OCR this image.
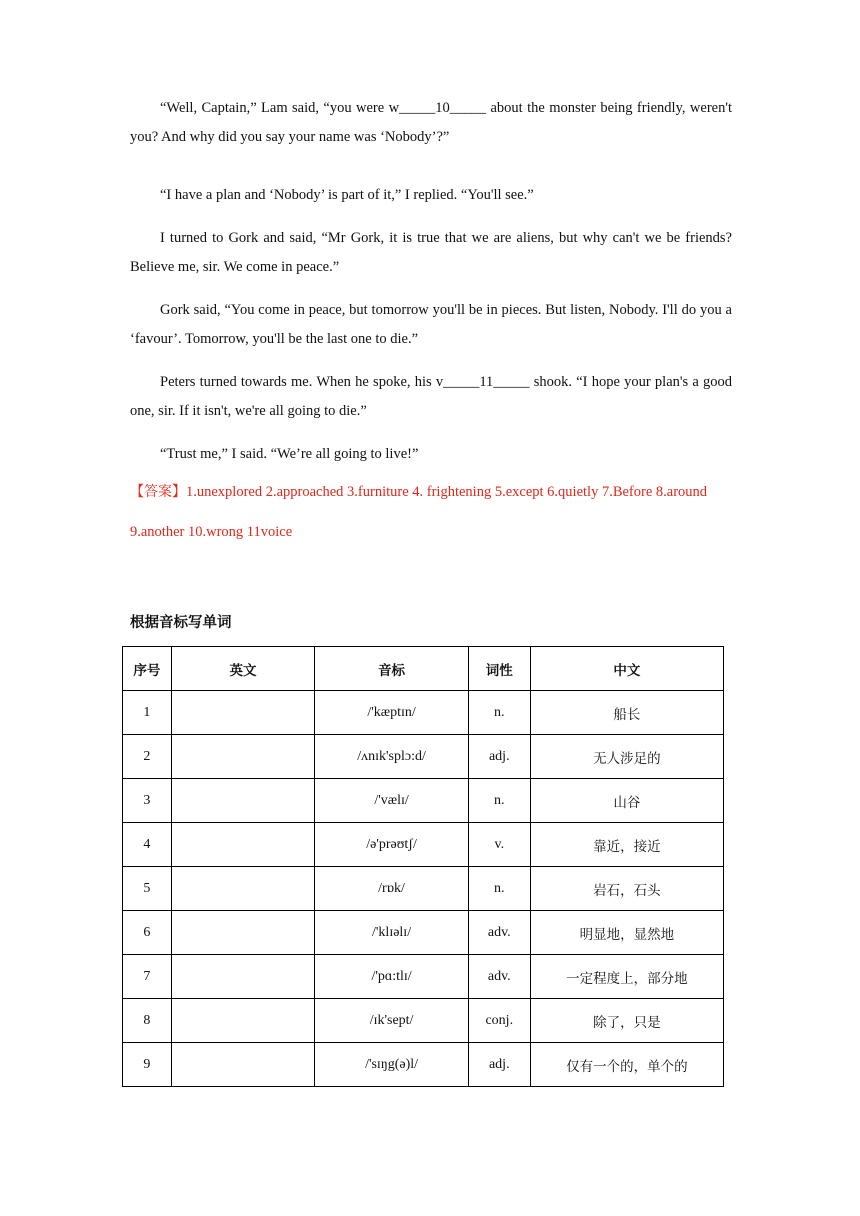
“Well, Captain,” Lam said, “you were w_____10_____ about the monster being friendly, weren't you? And why did you say your name was ‘Nobody’?”

“I have a plan and ‘Nobody’ is part of it,” I replied. “You'll see.”

I turned to Gork and said, “Mr Gork, it is true that we are aliens, but why can't we be friends? Believe me, sir. We come in peace.”

Gork said, “You come in peace, but tomorrow you'll be in pieces. But listen, Nobody. I'll do you a ‘favour’. Tomorrow, you'll be the last one to die.”

Peters turned towards me. When he spoke, his v_____11_____ shook. “I hope your plan's a good one, sir. If it isn't, we're all going to die.”

“Trust me,” I said. “We’re all going to live!”

【答案】1.unexplored 2.approached 3.furniture 4. frightening 5.except 6.quietly 7.Before 8.around 9.another 10.wrong 11voice

根据音标写单词
序号	英文	音标	词性	中文
1		/'kæptɪn/	n.	船长
2		/ʌnɪk'splɔ:d/	adj.	无人涉足的
3		/'vælɪ/	n.	山谷
4		/ə'prəʊtʃ/	v.	靠近，接近
5		/rɒk/	n.	岩石，石头
6		/'klɪəlɪ/	adv.	明显地，显然地
7		/'pɑ:tlɪ/	adv.	一定程度上，部分地
8		/ɪk'sept/	conj.	除了，只是
9		/'sɪŋg(ə)l/	adj.	仅有一个的，单个的
